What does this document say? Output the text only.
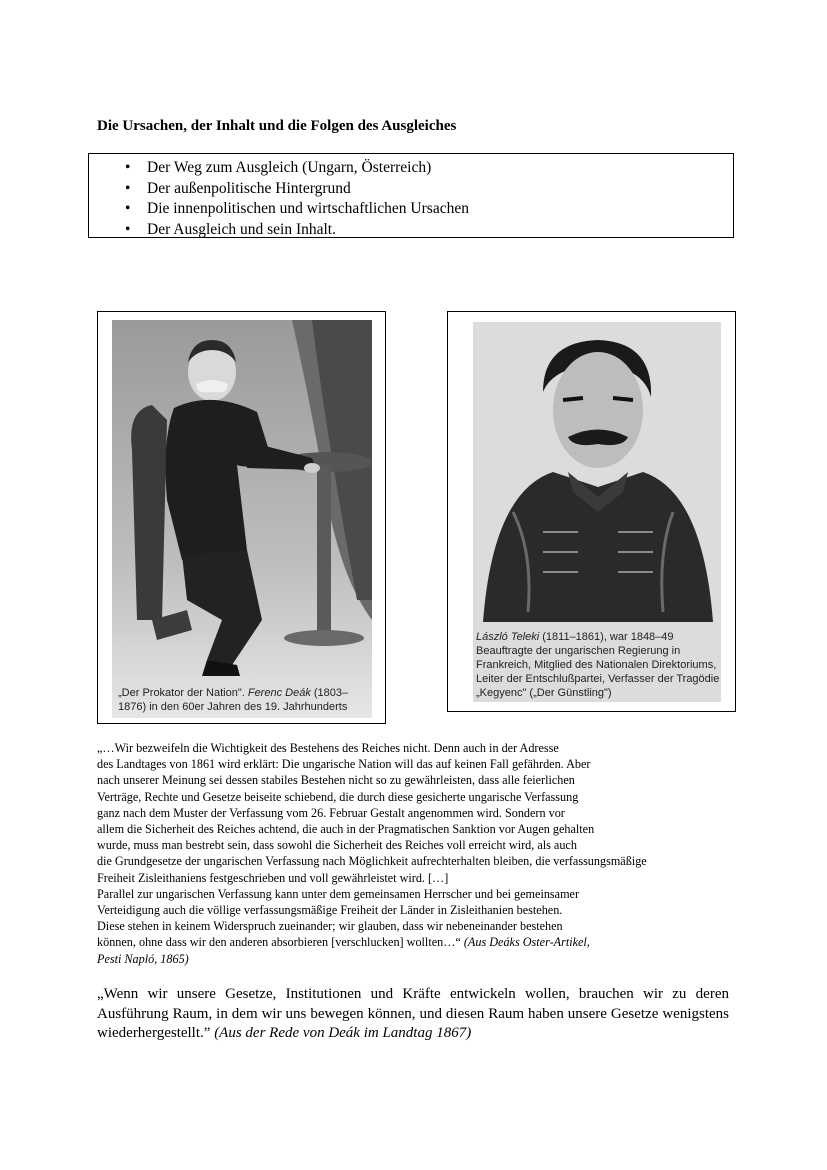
Die Ursachen, der Inhalt und die Folgen des Ausgleiches
• Der Weg zum Ausgleich (Ungarn, Österreich)
• Der außenpolitische Hintergrund
• Die innenpolitischen und wirtschaftlichen Ursachen
• Der Ausgleich und sein Inhalt.
„Der Prokator der Nation". Ferenc Deák (1803–1876) in den 60er Jahren des 19. Jahrhunderts
László Teleki (1811–1861), war 1848–49 Beauftragte der ungarischen Regierung in Frankreich, Mitglied des Nationalen Direktoriums, Leiter der Entschlußpartei, Verfasser der Tragödie „Kegyenc" („Der Günstling")
„…Wir bezweifeln die Wichtigkeit des Bestehens des Reiches nicht. Denn auch in der Adresse
des Landtages von 1861 wird erklärt: Die ungarische Nation will das auf keinen Fall gefährden. Aber
nach unserer Meinung sei dessen stabiles Bestehen nicht so zu gewährleisten, dass alle feierlichen
Verträge, Rechte und Gesetze beiseite schiebend, die durch diese gesicherte ungarische Verfassung
ganz nach dem Muster der Verfassung vom 26. Februar Gestalt angenommen wird. Sondern vor
allem die Sicherheit des Reiches achtend, die auch in der Pragmatischen Sanktion vor Augen gehalten
wurde, muss man bestrebt sein, dass sowohl die Sicherheit des Reiches voll erreicht wird, als auch
die Grundgesetze der ungarischen Verfassung nach Möglichkeit aufrechterhalten bleiben, die verfassungsmäßige
Freiheit Zisleithaniens festgeschrieben und voll gewährleistet wird. […]
Parallel zur ungarischen Verfassung kann unter dem gemeinsamen Herrscher und bei gemeinsamer
Verteidigung auch die völlige verfassungsmäßige Freiheit der Länder in Zisleithanien bestehen.
Diese stehen in keinem Widerspruch zueinander; wir glauben, dass wir nebeneinander bestehen
können, ohne dass wir den anderen absorbieren [verschlucken] wollten…“ (Aus Deáks Oster-Artikel,
Pesti Napló, 1865)
„Wenn wir unsere Gesetze, Institutionen und Kräfte entwickeln wollen, brauchen wir zu deren Ausführung Raum, in dem wir uns bewegen können, und diesen Raum haben unsere Gesetze wenigstens wiederhergestellt.” (Aus der Rede von Deák im Landtag 1867)
